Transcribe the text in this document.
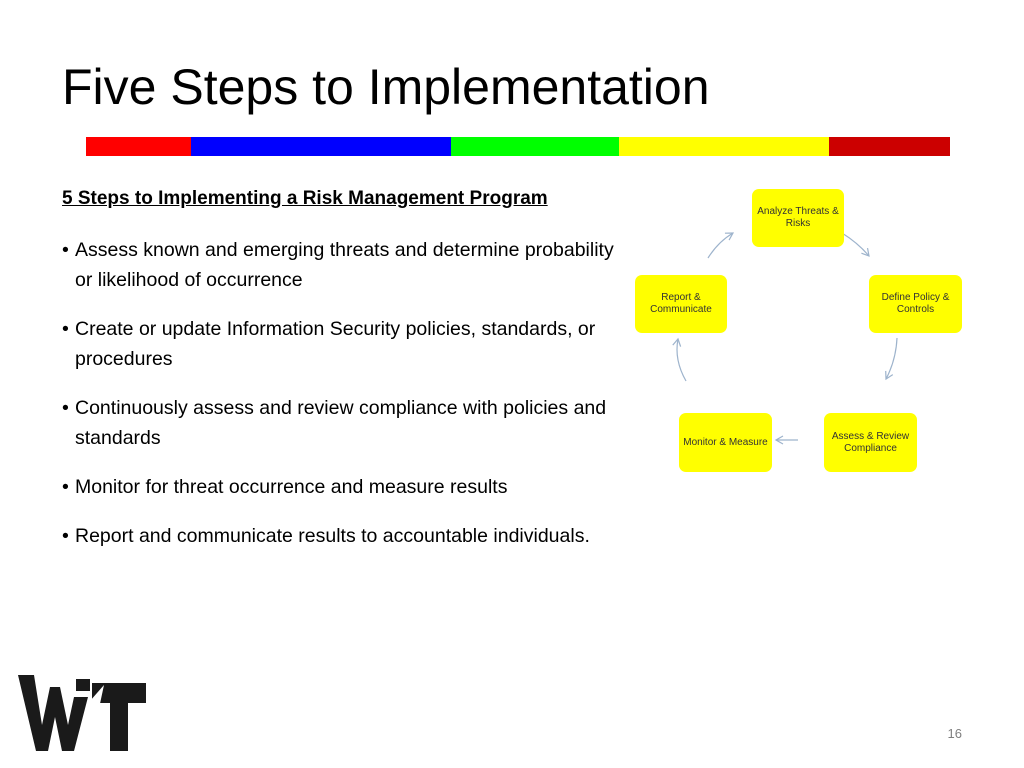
Five Steps to Implementation

5 Steps to Implementing a Risk Management Program

• Assess known and emerging threats and determine probability or likelihood of occurrence
• Create or update Information Security policies, standards, or procedures
• Continuously assess and review compliance with policies and standards
• Monitor for threat occurrence and measure results
• Report and communicate results to accountable individuals.
Analyze Threats & Risks
Define Policy & Controls
Assess & Review Compliance
Monitor & Measure
Report & Communicate
16
